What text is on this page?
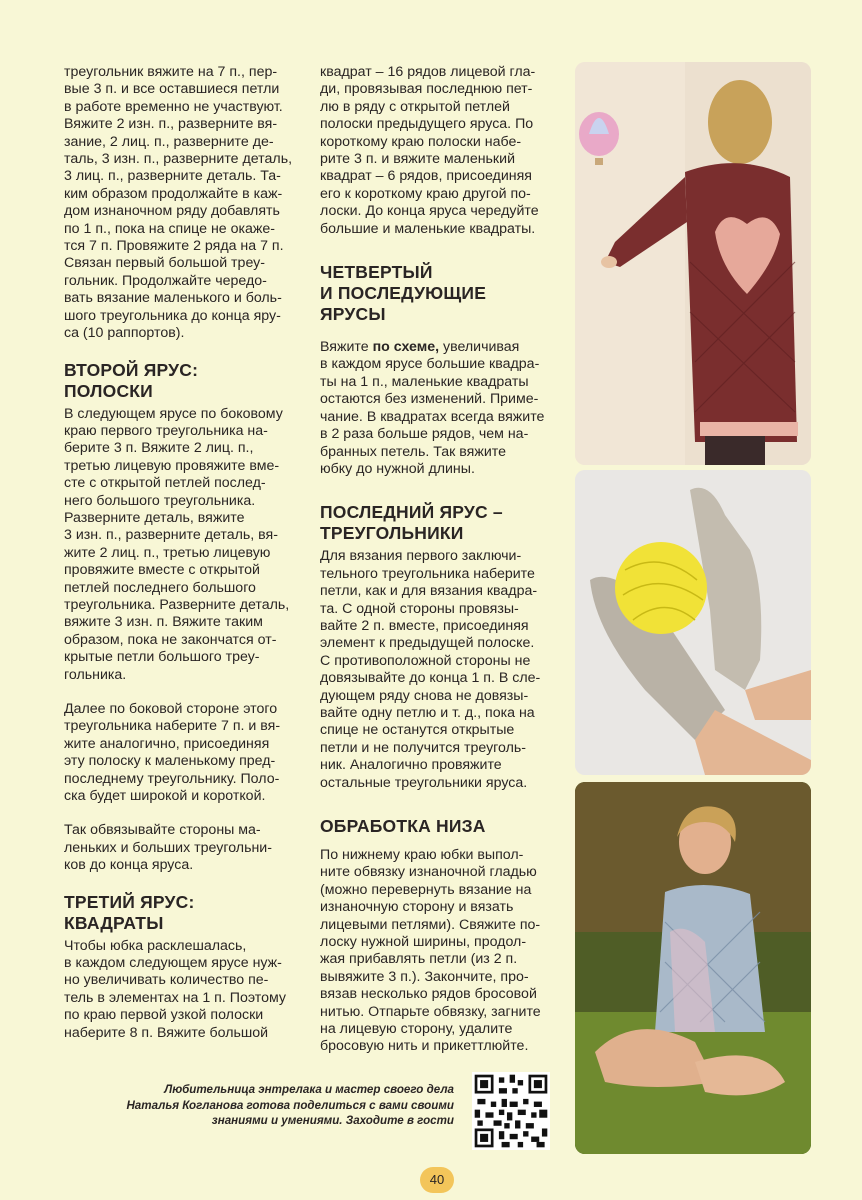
треугольник вяжите на 7 п., пер-
вые 3 п. и все оставшиеся петли
в работе временно не участвуют.
Вяжите 2 изн. п., разверните вя-
зание, 2 лиц. п., разверните де-
таль, 3 изн. п., разверните деталь,
3 лиц. п., разверните деталь. Та-
ким образом продолжайте в каж-
дом изнаночном ряду добавлять
по 1 п., пока на спице не окаже-
тся 7 п. Провяжите 2 ряда на 7 п.
Связан первый большой треу-
гольник. Продолжайте чередо-
вать вязание маленького и боль-
шого треугольника до конца яру-
са (10 раппортов).

ВТОРОЙ ЯРУС:
ПОЛОСКИ

В следующем ярусе по боковому
краю первого треугольника на-
берите 3 п. Вяжите 2 лиц. п.,
третью лицевую провяжите вме-
сте с открытой петлей послед-
него большого треугольника.
Разверните деталь, вяжите
3 изн. п., разверните деталь, вя-
жите 2 лиц. п., третью лицевую
провяжите вместе с открытой
петлей последнего большого
треугольника. Разверните деталь,
вяжите 3 изн. п. Вяжите таким
образом, пока не закончатся от-
крытые петли большого треу-
гольника.

Далее по боковой стороне этого
треугольника наберите 7 п. и вя-
жите аналогично, присоединяя
эту полоску к маленькому пред-
последнему треугольнику. Поло-
ска будет широкой и короткой.

Так обвязывайте стороны ма-
леньких и больших треугольни-
ков до конца яруса.

ТРЕТИЙ ЯРУС:
КВАДРАТЫ

Чтобы юбка расклешалась,
в каждом следующем ярусе нуж-
но увеличивать количество пе-
тель в элементах на 1 п. Поэтому
по краю первой узкой полоски
наберите 8 п. Вяжите большой

квадрат – 16 рядов лицевой гла-
ди, провязывая последнюю пет-
лю в ряду с открытой петлей
полоски предыдущего яруса. По
короткому краю полоски набе-
рите 3 п. и вяжите маленький
квадрат – 6 рядов, присоединяя
его к короткому краю другой по-
лоски. До конца яруса чередуйте
большие и маленькие квадраты.

ЧЕТВЕРТЫЙ
И ПОСЛЕДУЮЩИЕ
ЯРУСЫ

Вяжите по схеме, увеличивая
в каждом ярусе большие квадра-
ты на 1 п., маленькие квадраты
остаются без изменений. Приме-
чание. В квадратах всегда вяжите
в 2 раза больше рядов, чем на-
бранных петель. Так вяжите
юбку до нужной длины.

ПОСЛЕДНИЙ ЯРУС –
ТРЕУГОЛЬНИКИ

Для вязания первого заключи-
тельного треугольника наберите
петли, как и для вязания квадра-
та. С одной стороны провязы-
вайте 2 п. вместе, присоединяя
элемент к предыдущей полоске.
С противоположной стороны не
довязывайте до конца 1 п. В сле-
дующем ряду снова не довязы-
вайте одну петлю и т. д., пока на
спице не останутся открытые
петли и не получится треуголь-
ник. Аналогично провяжите
остальные треугольники яруса.

ОБРАБОТКА НИЗА

По нижнему краю юбки выпол-
ните обвязку изнаночной гладью
(можно перевернуть вязание на
изнаночную сторону и вязать
лицевыми петлями). Свяжите по-
лоску нужной ширины, продол-
жая прибавлять петли (из 2 п.
вывяжите 3 п.). Закончите, про-
вязав несколько рядов бросовой
нитью. Отпарьте обвязку, загните
на лицевую сторону, удалите
бросовую нить и прикеттлюйте.

Любительница энтрелака и мастер своего дела
Наталья Когланова готова поделиться с вами своими
знаниями и умениями. Заходите в гости
40
